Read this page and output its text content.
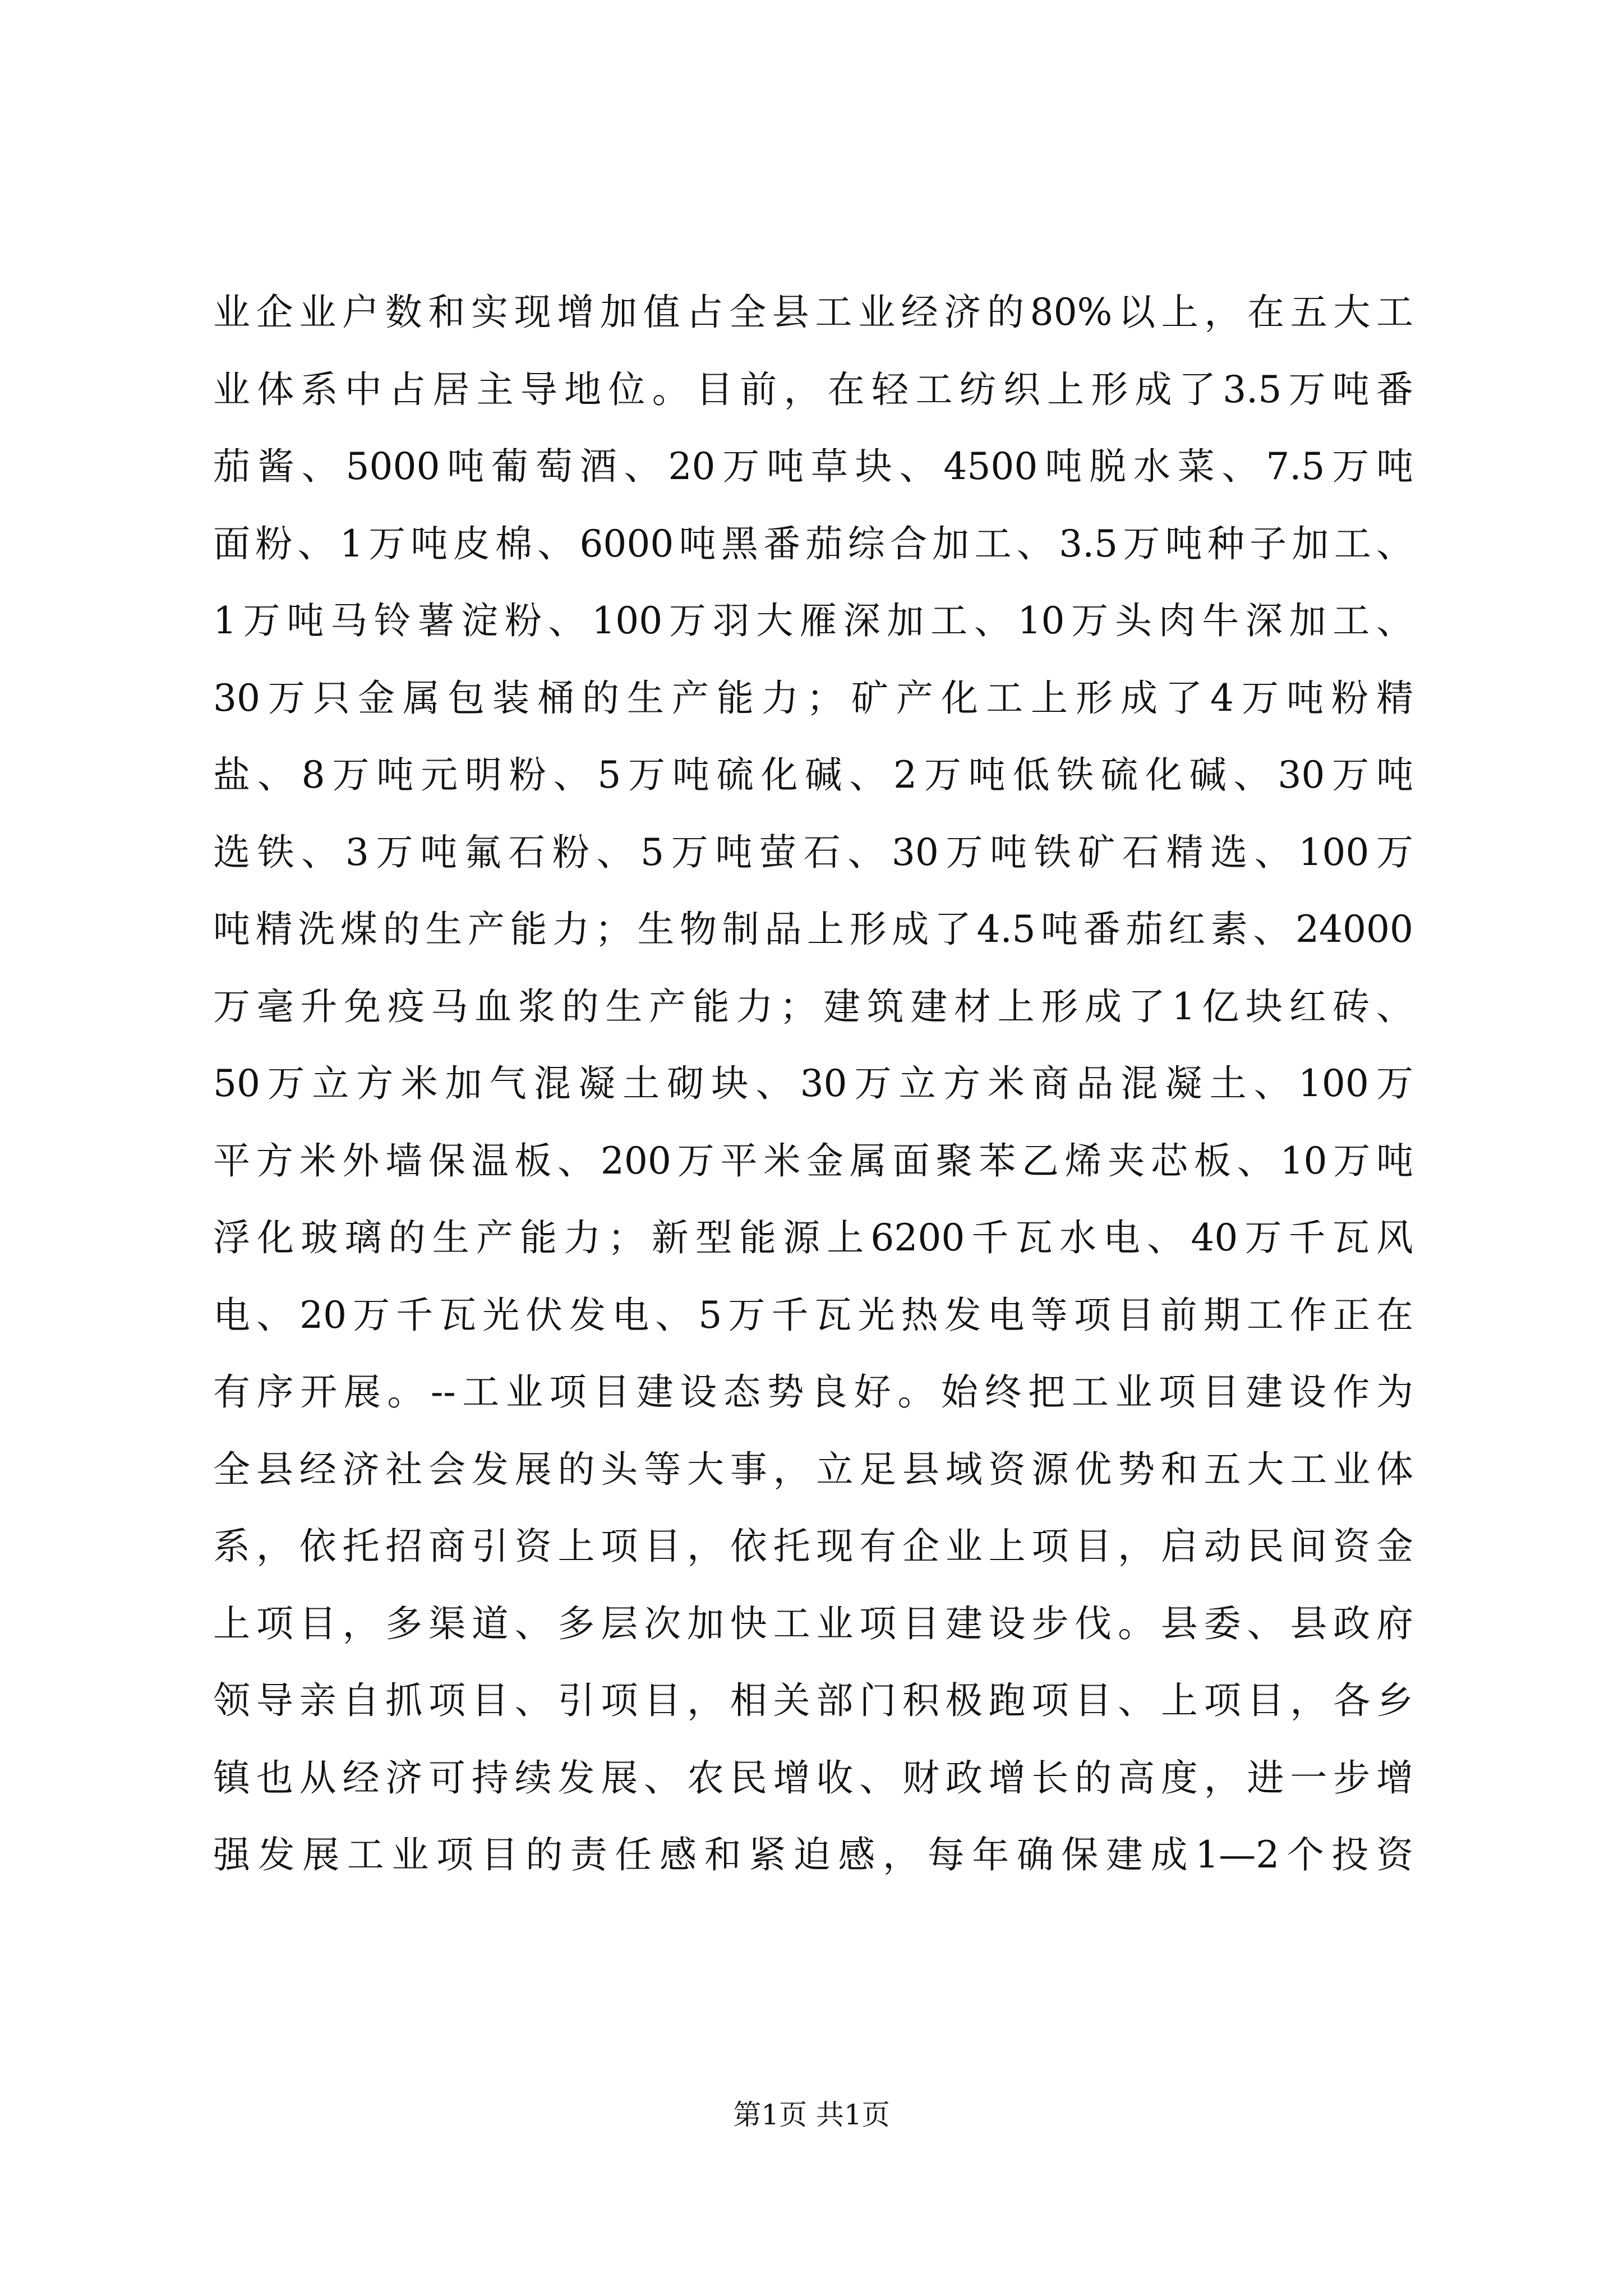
业企业户数和实现增加值占全县工业经济的80%以上，在五大工
业体系中占居主导地位。目前，在轻工纺织上形成了3.5万吨番
茄酱、5000吨葡萄酒、20万吨草块、4500吨脱水菜、7.5万吨
面粉、1万吨皮棉、6000吨黑番茄综合加工、3.5万吨种子加工、
1万吨马铃薯淀粉、100万羽大雁深加工、10万头肉牛深加工、
30万只金属包装桶的生产能力；矿产化工上形成了4万吨粉精
盐、8万吨元明粉、5万吨硫化碱、2万吨低铁硫化碱、30万吨
选铁、3万吨氟石粉、5万吨萤石、30万吨铁矿石精选、100万
吨精洗煤的生产能力；生物制品上形成了4.5吨番茄红素、24000
万毫升免疫马血浆的生产能力；建筑建材上形成了1亿块红砖、
50万立方米加气混凝土砌块、30万立方米商品混凝土、100万
平方米外墙保温板、200万平米金属面聚苯乙烯夹芯板、10万吨
浮化玻璃的生产能力；新型能源上6200千瓦水电、40万千瓦风
电、20万千瓦光伏发电、5万千瓦光热发电等项目前期工作正在
有序开展。--工业项目建设态势良好。始终把工业项目建设作为
全县经济社会发展的头等大事，立足县域资源优势和五大工业体
系，依托招商引资上项目，依托现有企业上项目，启动民间资金
上项目，多渠道、多层次加快工业项目建设步伐。县委、县政府
领导亲自抓项目、引项目，相关部门积极跑项目、上项目，各乡
镇也从经济可持续发展、农民增收、财政增长的高度，进一步增
强发展工业项目的责任感和紧迫感，每年确保建成1—2个投资
第1页 共1页
